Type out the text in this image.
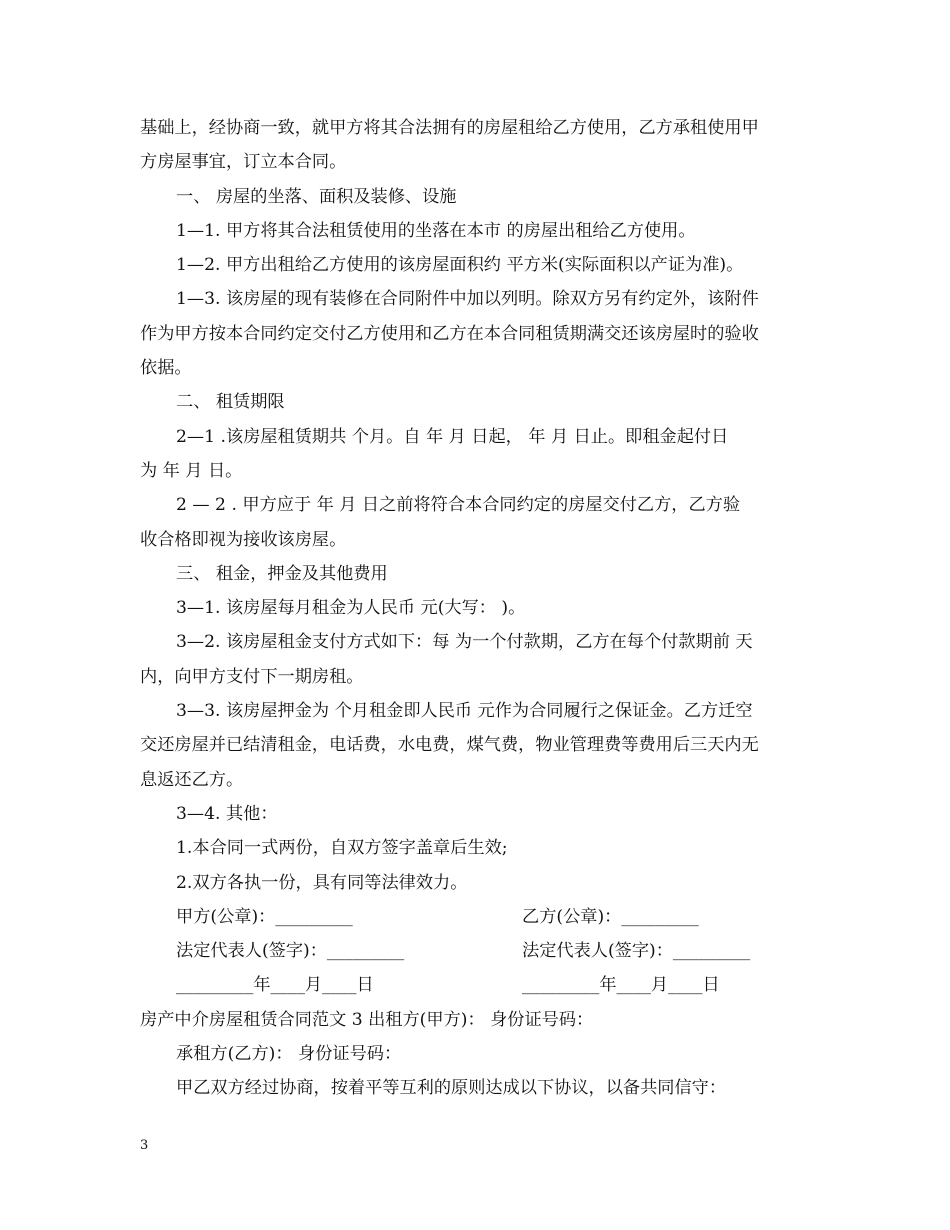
基础上，经协商一致，就甲方将其合法拥有的房屋租给乙方使用，乙方承租使用甲
方房屋事宜，订立本合同。
一、 房屋的坐落、面积及装修、设施
1—1. 甲方将其合法租赁使用的坐落在本市 的房屋出租给乙方使用。
1—2. 甲方出租给乙方使用的该房屋面积约 平方米(实际面积以产证为准)。
1—3. 该房屋的现有装修在合同附件中加以列明。除双方另有约定外，该附件
作为甲方按本合同约定交付乙方使用和乙方在本合同租赁期满交还该房屋时的验收
依据。
二、 租赁期限
2—1 .该房屋租赁期共 个月。自 年 月 日起， 年 月 日止。即租金起付日
为 年 月 日。
2 — 2 . 甲方应于 年 月 日之前将符合本合同约定的房屋交付乙方，乙方验
收合格即视为接收该房屋。
三、 租金，押金及其他费用
3—1. 该房屋每月租金为人民币 元(大写： )。
3—2. 该房屋租金支付方式如下：每 为一个付款期，乙方在每个付款期前 天
内，向甲方支付下一期房租。
3—3. 该房屋押金为 个月租金即人民币 元作为合同履行之保证金。乙方迁空
交还房屋并已结清租金，电话费，水电费，煤气费，物业管理费等费用后三天内无
息返还乙方。
3—4. 其他：
1.本合同一式两份，自双方签字盖章后生效;
2.双方各执一份，具有同等法律效力。
甲方(公章)：_________	乙方(公章)：_________
法定代表人(签字)：_________	法定代表人(签字)：_________
_________年____月____日	_________年____月____日
房产中介房屋租赁合同范文 3 出租方(甲方)： 身份证号码：
承租方(乙方)： 身份证号码：
甲乙双方经过协商，按着平等互利的原则达成以下协议，以备共同信守：
3
